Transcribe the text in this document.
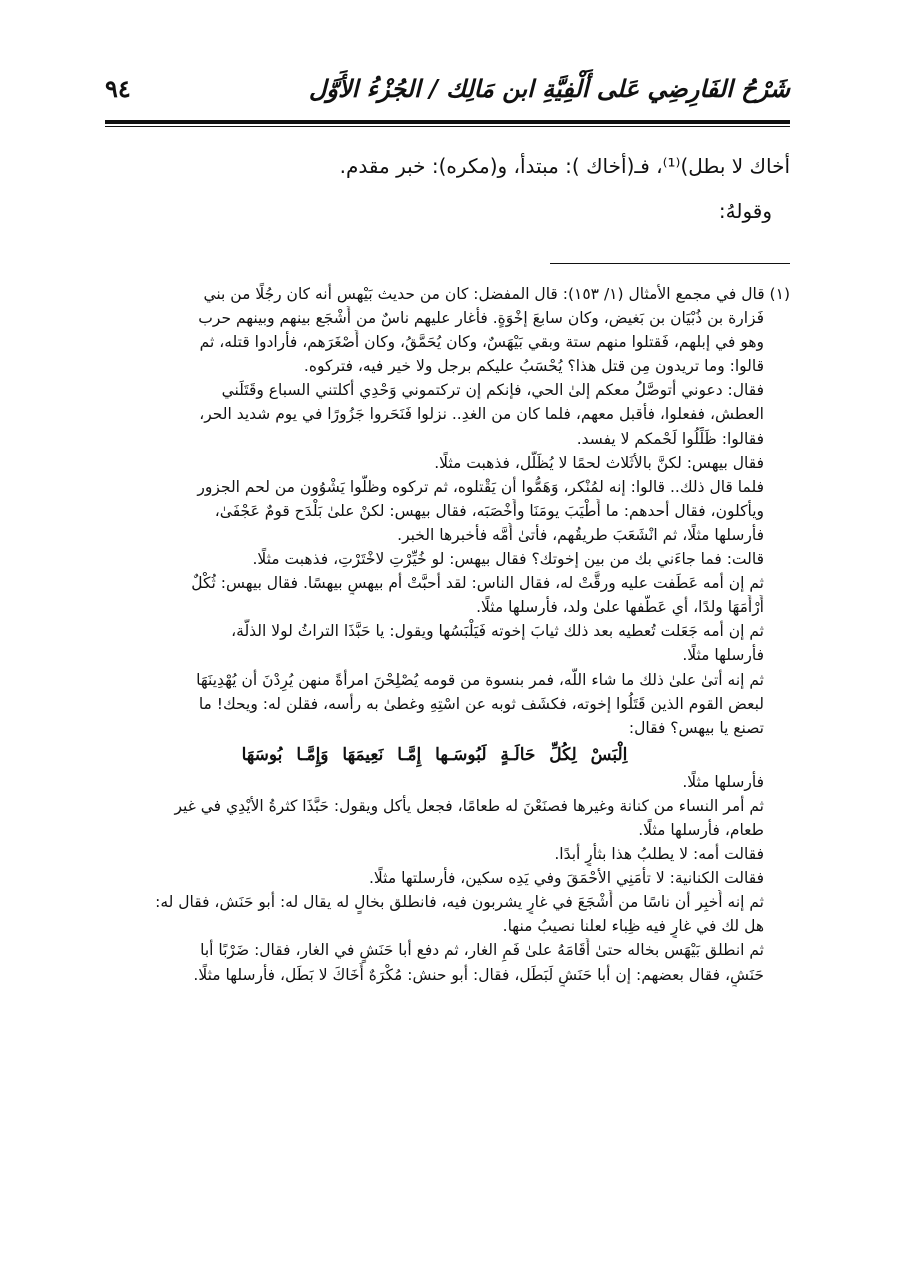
شَرْحُ الفَارِضِي عَلى أَلْفِيَّةِ ابن مَالِك / الجُزْءُ الأَوَّل
٩٤

أخاك لا بطل)⁽¹⁾، فـ(أخاك ): مبتدأ، و(مكره): خبر مقدم.

وقولهُ:

(١) قال في مجمع الأمثال (١/ ١٥٣): قال المفضل: كان من حديث بَيْهس أنه كان رجُلًا من بني

فَزارة بن ذُبْيَان بن بَغيض، وكان سابعَ إخْوَةٍ. فأغار عليهم ناسٌ من أَشْجَع بينهم وبينهم حرب

وهو في إبلهم، فَقتلوا منهم ستة وبقي بَيْهَسٌ، وكان يُحَمَّقُ، وكان أَصْغَرَهم، فأرادوا قتله، ثم

قالوا: وما تريدون مِن قتل هذا؟ يُحْسَبُ عليكم برجل ولا خير فيه، فتركوه.

فقال: دعوني أتوصَّلُ معكم إلىٰ الحي، فإنكم إن تركتموني وَحْدِي أكلتني السباع وقَتَلَني

العطش، ففعلوا، فأقبل معهم، فلما كان من الغدِ.. نزلوا فَنَحَروا جَزُورًا في يوم شديد الحر،

فقالوا: ظَلِّلُوا لَحْمكم لا يفسد.

فقال بيهس: لكنَّ بالأثَلاث لحمًا لا يُظَلَّل، فذهبت مثلًا.

فلما قال ذلك.. قالوا: إنه لمُنْكر، وَهَمُّوا أن يَقْتلوه، ثم تركوه وظلُّوا يَشْوُون من لحم الجزور

ويأكلون، فقال أحدهم: ما أَطْيَبَ يومَنَا وأَخْصَبَه، فقال بيهس: لكنْ علىٰ بَلْدَح قومٌ عَجْفَىٰ،

فأرسلها مثلًا، ثم انْشَعَبَ طريقُهم، فأتىٰ أُمَّه فأخبرها الخبر.

قالت: فما جاءَني بك من بين إخوتك؟ فقال بيهس: لو خُيِّرْتِ لاخْتَرْتِ، فذهبت مثلًا.

ثم إن أمه عَطَفت عليه ورقَّتْ له، فقال الناس: لقد أحبَّتْ أم بيهسٍ بيهسًا. فقال بيهس: ثُكْلٌ

أَرْأَمَهَا ولدًا، أي عَطَّفها علىٰ ولد، فأرسلها مثلًا.

ثم إن أمه جَعَلت تُعطيه بعد ذلك ثيابَ إخوته فَيَلْبَسُها ويقول: يا حَبَّذَا التراثُ لولا الذلَّة،

فأرسلها مثلًا.

ثم إنه أتىٰ علىٰ ذلك ما شاء اللّه، فمر بنسوة من قومه يُصْلِحْنَ امرأةً منهن يُرِدْنَ أن يُهْدِينَهَا

لبعض القوم الذين قَتَلُوا إخوته، فكشَف ثوبه عن اسْتِهِ وغطىٰ به رأسه، فقلن له: ويحك! ما

تصنع يا بيهس؟ فقال:

اِلْبَسْ لِكُلِّ حَالَـةٍ لَبُوسَـها إِمَّـا نَعِيمَهَا وَإِمَّـا بُوسَهَا

فأرسلها مثلًا.

ثم أمر النساء من كنانة وغيرها فصنَعْنَ له طعامًا، فجعل يأكل ويقول: حَبَّذَا كثرةُ الأيْدِي في غير

طعام، فأرسلها مثلًا.

فقالت أمه: لا يطلبُ هذا بثأرٍ أبدًا.

فقالت الكنانية: لا تأْمَنِي الأحْمَقَ وفي يَدِه سكين، فأرسلتها مثلًا.

ثم إنه أُخبِر أن ناسًا من أَشْجَعَ في غارٍ يشربون فيه، فانطلق بخالٍ له يقال له: أبو حَنَش، فقال له:

هل لك في غارٍ فيه ظِباء لعلنا نصيبُ منها.

ثم انطلق بَيْهَس بخاله حتىٰ أَقَامَهُ علىٰ فَمِ الغار، ثم دفع أبا حَنَشٍ في الغار، فقال: ضَرْبًا أبا

حَنَشٍ، فقال بعضهم: إن أبا حَنَشٍ لَبَطَل، فقال: أبو حنش: مُكْرَهٌ أَخَاكَ لا بَطَل، فأرسلها مثلًا.
